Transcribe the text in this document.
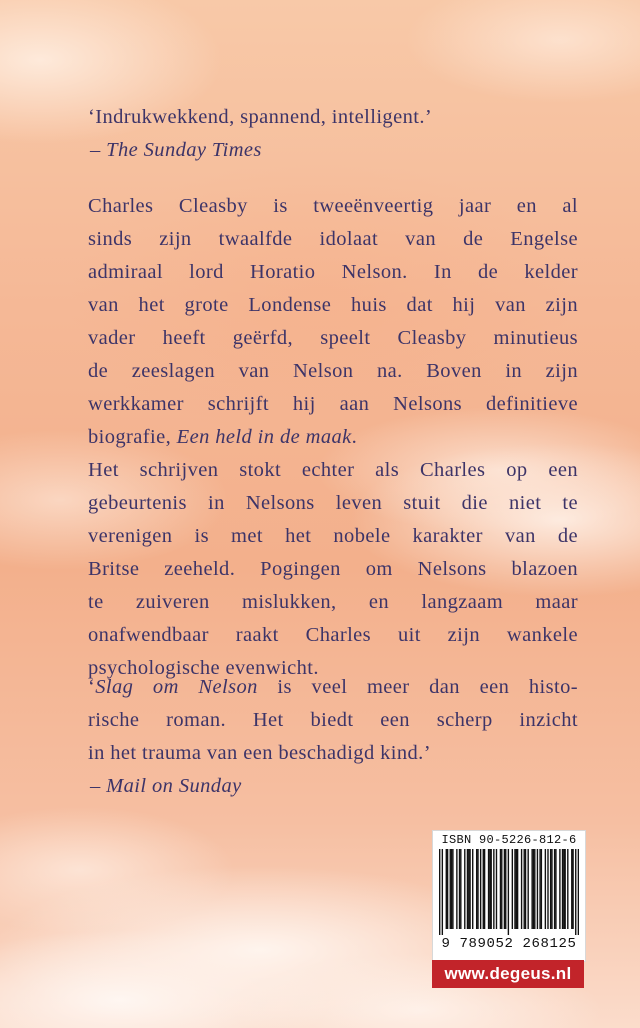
‘Indrukwekkend, spannend, intelligent.’
– The Sunday Times
Charles Cleasby is tweeënveertig jaar en al
sinds zijn twaalfde idolaat van de Engelse
admiraal lord Horatio Nelson. In de kelder
van het grote Londense huis dat hij van zijn
vader heeft geërfd, speelt Cleasby minutieus
de zeeslagen van Nelson na. Boven in zijn
werkkamer schrijft hij aan Nelsons definitieve
biografie, Een held in de maak.
Het schrijven stokt echter als Charles op een
gebeurtenis in Nelsons leven stuit die niet te
verenigen is met het nobele karakter van de
Britse zeeheld. Pogingen om Nelsons blazoen
te zuiveren mislukken, en langzaam maar
onafwendbaar raakt Charles uit zijn wankele
psychologische evenwicht.
‘Slag om Nelson is veel meer dan een histo-
rische roman. Het biedt een scherp inzicht
in het trauma van een beschadigd kind.’
– Mail on Sunday
ISBN 90-5226-812-6
9 789052 268125
www.degeus.nl
